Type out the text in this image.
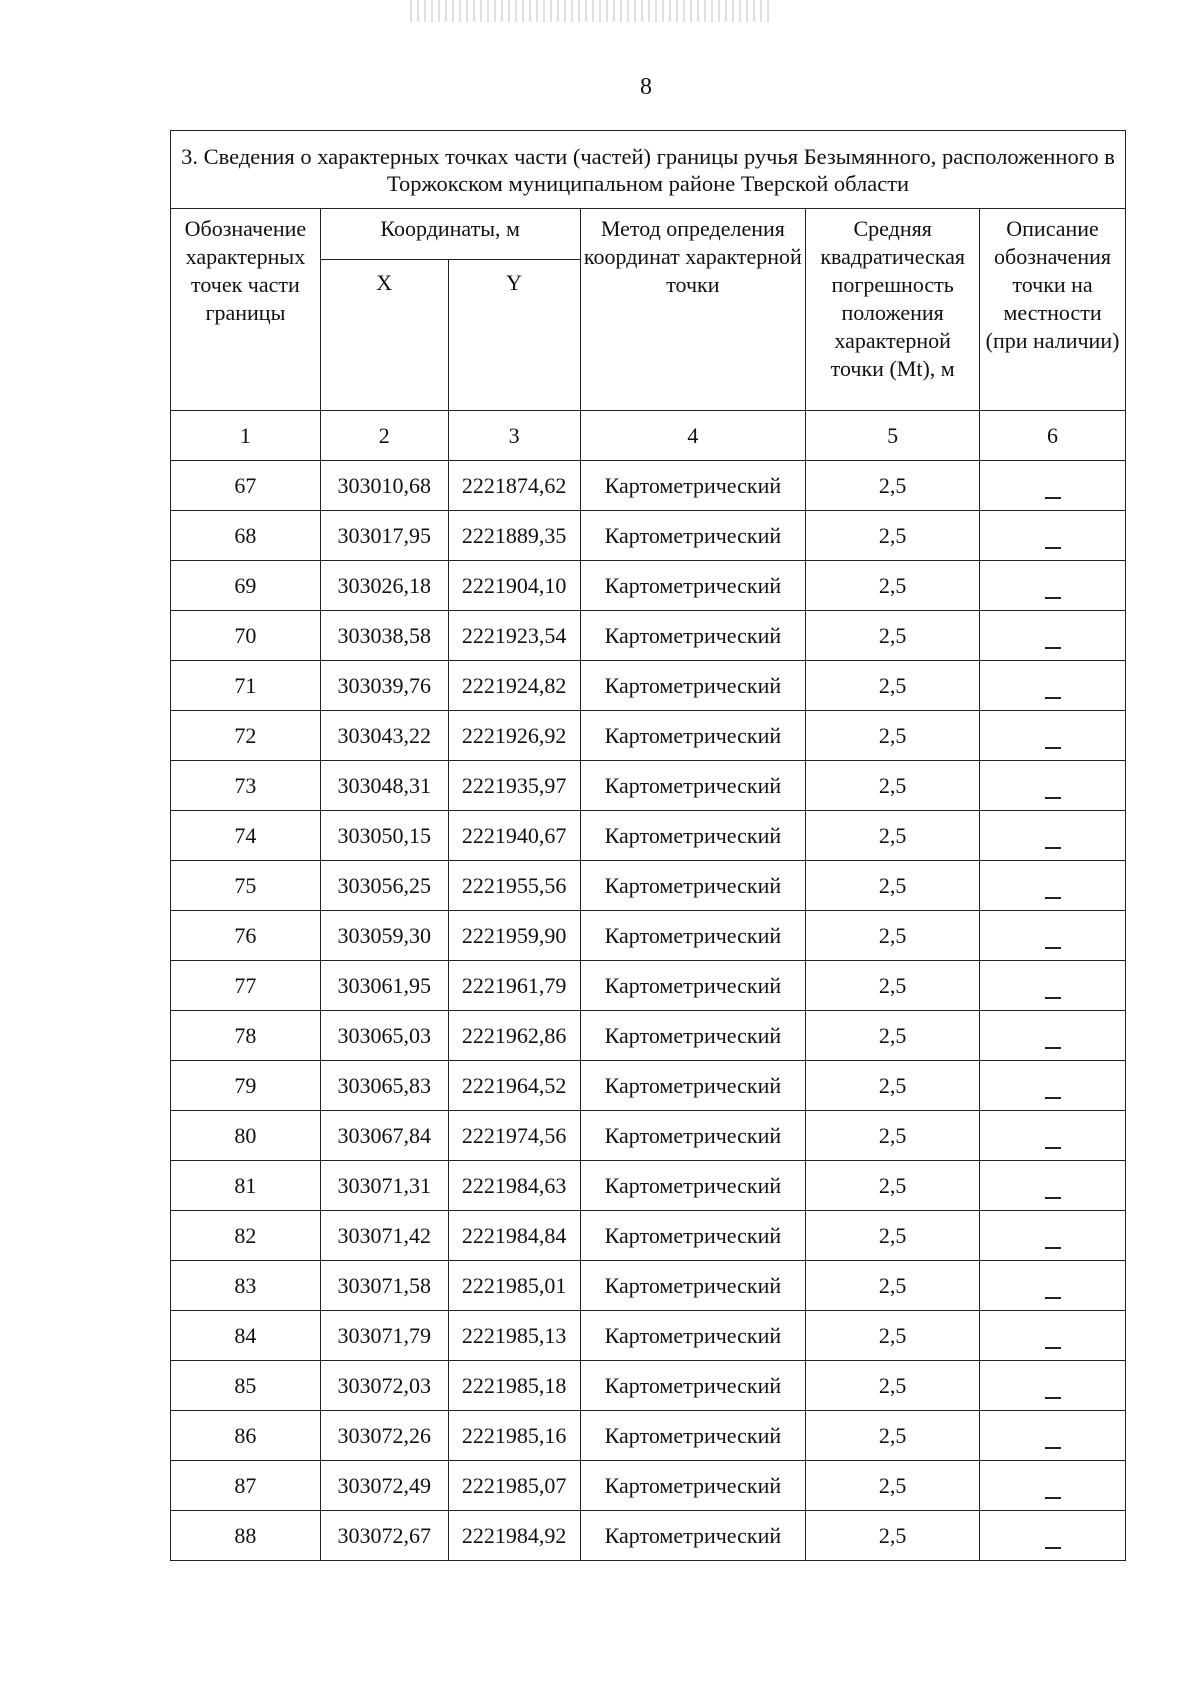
8
3. Сведения о характерных точках части (частей) границы ручья Безымянного, расположенного в Торжокском муниципальном районе Тверской области					
Обозначение характерных точек части границы	Координаты, м		Метод определения координат характерной точки	Средняя квадратическая погрешность положения характерной точки (Mt), м	Описание обозначения точки на местности (при наличии)
	X	Y			
1	2	3	4	5	6
67	303010,68	2221874,62	Картометрический	2,5	
68	303017,95	2221889,35	Картометрический	2,5	
69	303026,18	2221904,10	Картометрический	2,5	
70	303038,58	2221923,54	Картометрический	2,5	
71	303039,76	2221924,82	Картометрический	2,5	
72	303043,22	2221926,92	Картометрический	2,5	
73	303048,31	2221935,97	Картометрический	2,5	
74	303050,15	2221940,67	Картометрический	2,5	
75	303056,25	2221955,56	Картометрический	2,5	
76	303059,30	2221959,90	Картометрический	2,5	
77	303061,95	2221961,79	Картометрический	2,5	
78	303065,03	2221962,86	Картометрический	2,5	
79	303065,83	2221964,52	Картометрический	2,5	
80	303067,84	2221974,56	Картометрический	2,5	
81	303071,31	2221984,63	Картометрический	2,5	
82	303071,42	2221984,84	Картометрический	2,5	
83	303071,58	2221985,01	Картометрический	2,5	
84	303071,79	2221985,13	Картометрический	2,5	
85	303072,03	2221985,18	Картометрический	2,5	
86	303072,26	2221985,16	Картометрический	2,5	
87	303072,49	2221985,07	Картометрический	2,5	
88	303072,67	2221984,92	Картометрический	2,5	
